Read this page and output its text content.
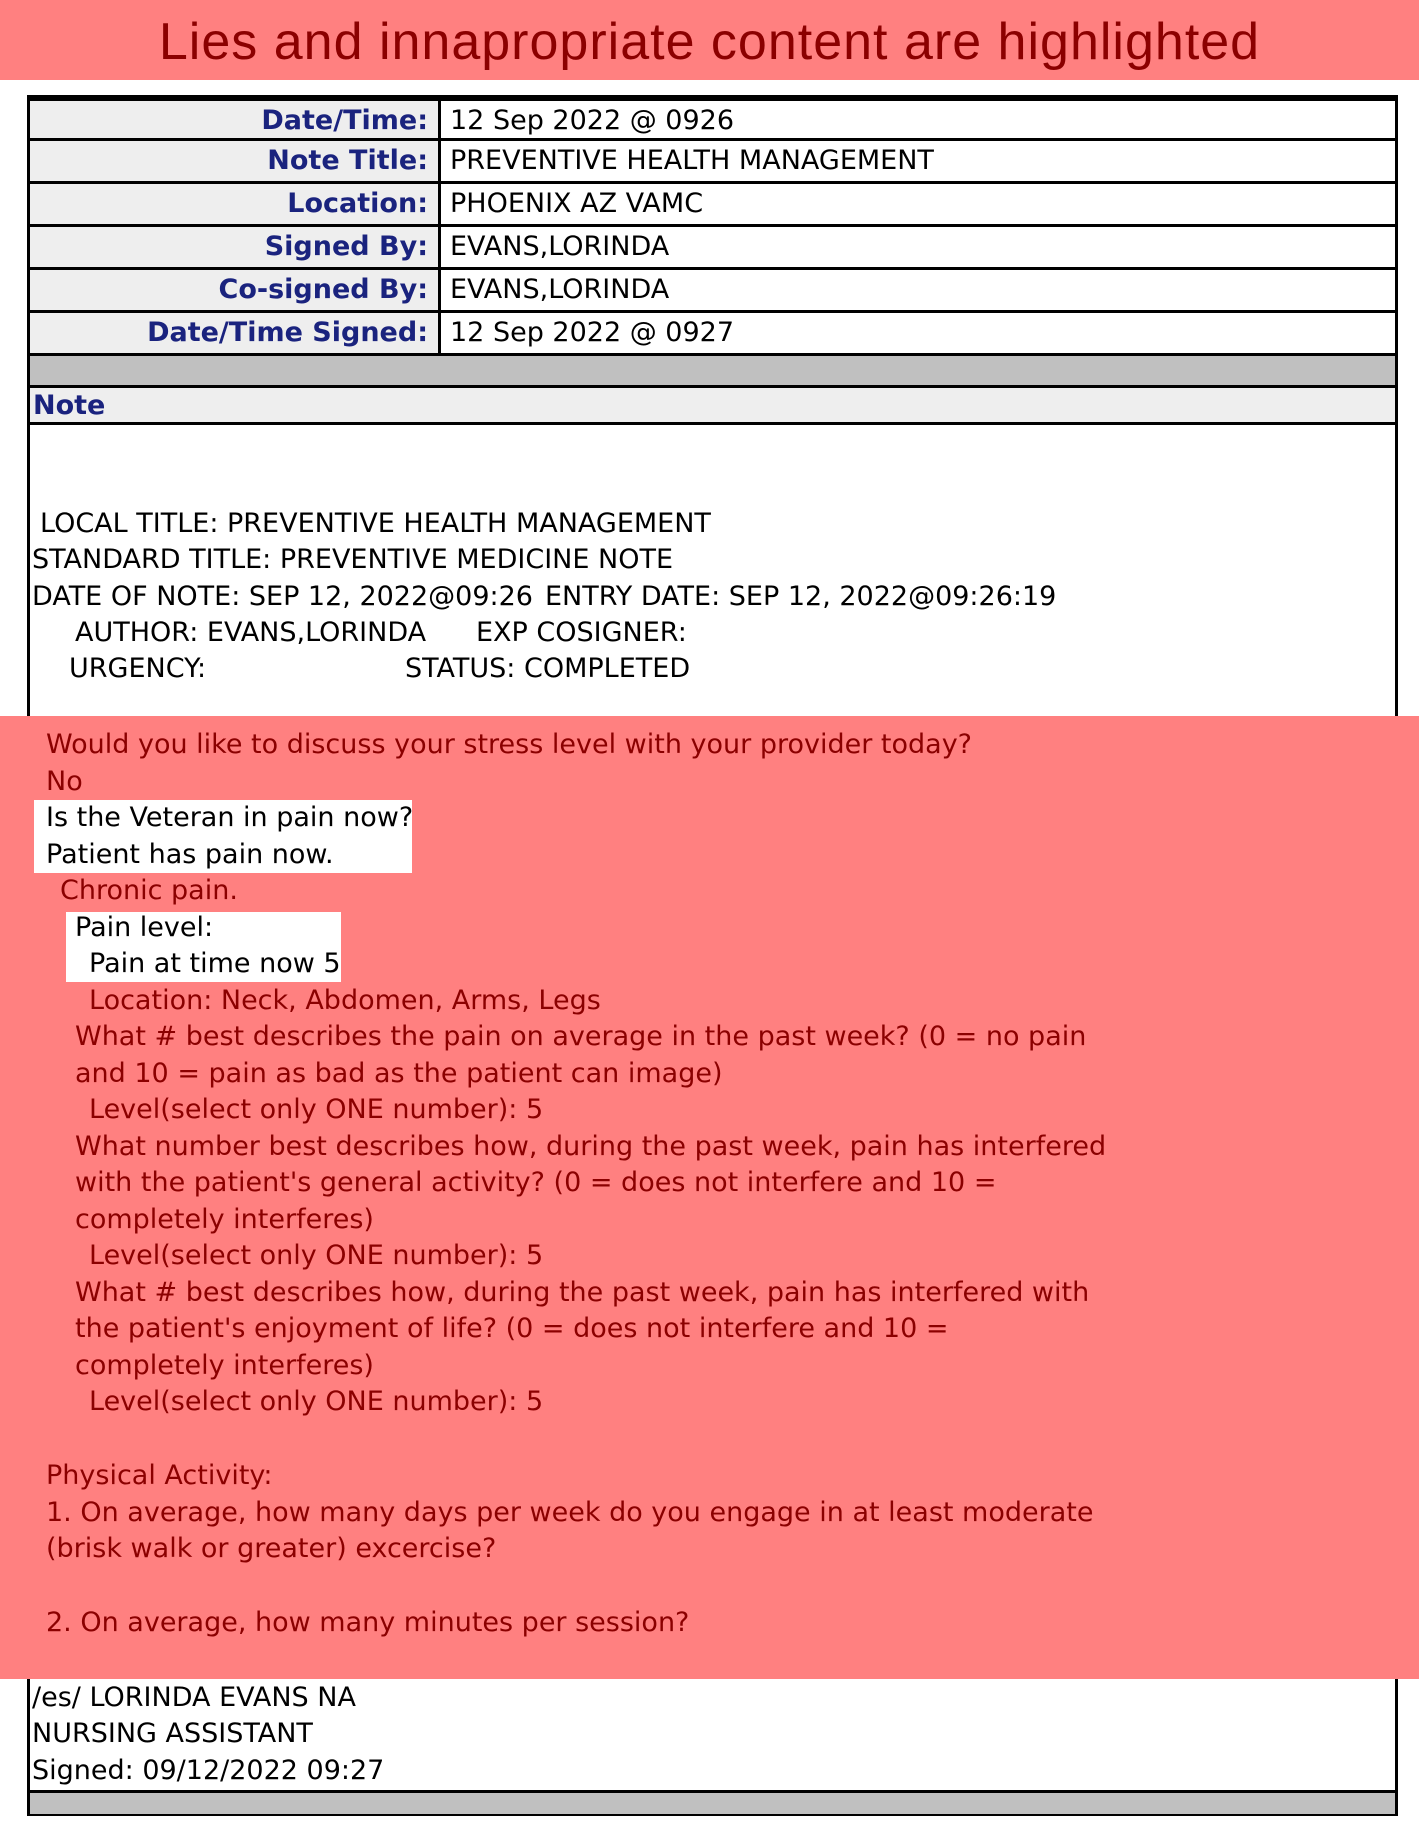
Lies and innapropriate content are highlighted
Date/Time: 12 Sep 2022 @ 0926
Note Title: PREVENTIVE HEALTH MANAGEMENT
Location: PHOENIX AZ VAMC
Signed By: EVANS,LORINDA
Co-signed By: EVANS,LORINDA
Date/Time Signed: 12 Sep 2022 @ 0927
Note
LOCAL TITLE: PREVENTIVE HEALTH MANAGEMENT
STANDARD TITLE: PREVENTIVE MEDICINE NOTE
DATE OF NOTE: SEP 12, 2022@09:26 ENTRY DATE: SEP 12, 2022@09:26:19
AUTHOR: EVANS,LORINDA EXP COSIGNER:
URGENCY:	STATUS: COMPLETED
Would you like to discuss your stress level with your provider today?
No
Is the Veteran in pain now?
Patient has pain now.
Chronic pain.
Pain level:
Pain at time now 5
Location: Neck, Abdomen, Arms, Legs
What # best describes the pain on average in the past week? (0 = no pain
and 10 = pain as bad as the patient can image)
Level(select only ONE number): 5
What number best describes how, during the past week, pain has interfered
with the patient's general activity? (0 = does not interfere and 10 =
completely interferes)
Level(select only ONE number): 5
What # best describes how, during the past week, pain has interfered with
the patient's enjoyment of life? (0 = does not interfere and 10 =
completely interferes)
Level(select only ONE number): 5
Physical Activity:
1. On average, how many days per week do you engage in at least moderate
(brisk walk or greater) excercise?
2. On average, how many minutes per session?
/es/ LORINDA EVANS NA
NURSING ASSISTANT
Signed: 09/12/2022 09:27
